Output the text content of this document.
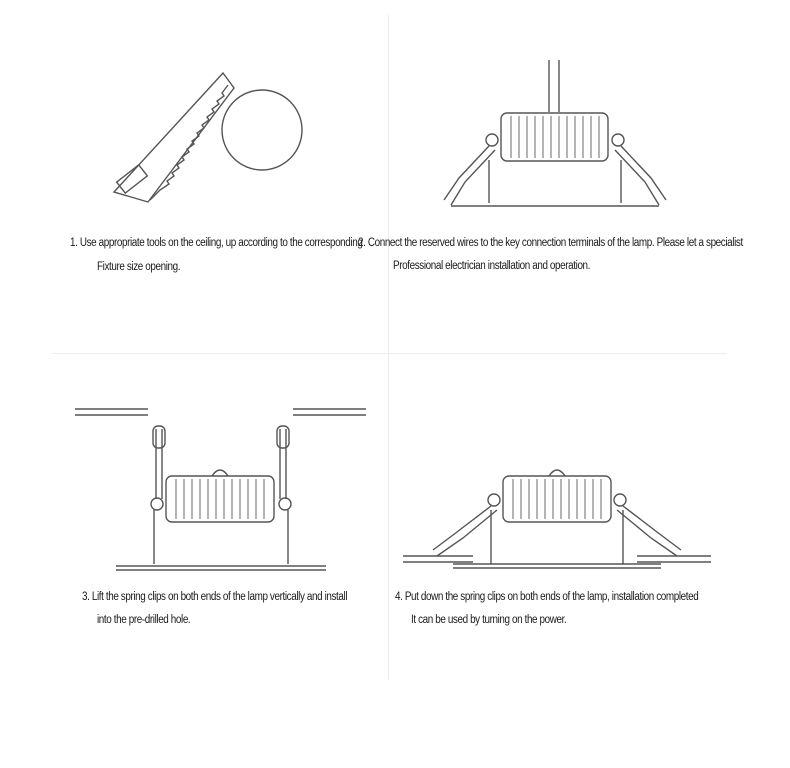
1. Use appropriate tools on the ceiling, up according to the corresponding
Fixture size opening.
2. Connect the reserved wires to the key connection terminals of the lamp. Please let a specialist
Professional electrician installation and operation.
3. Lift the spring clips on both ends of the lamp vertically and install
into the pre-drilled hole.
4. Put down the spring clips on both ends of the lamp, installation completed
It can be used by turning on the power.
